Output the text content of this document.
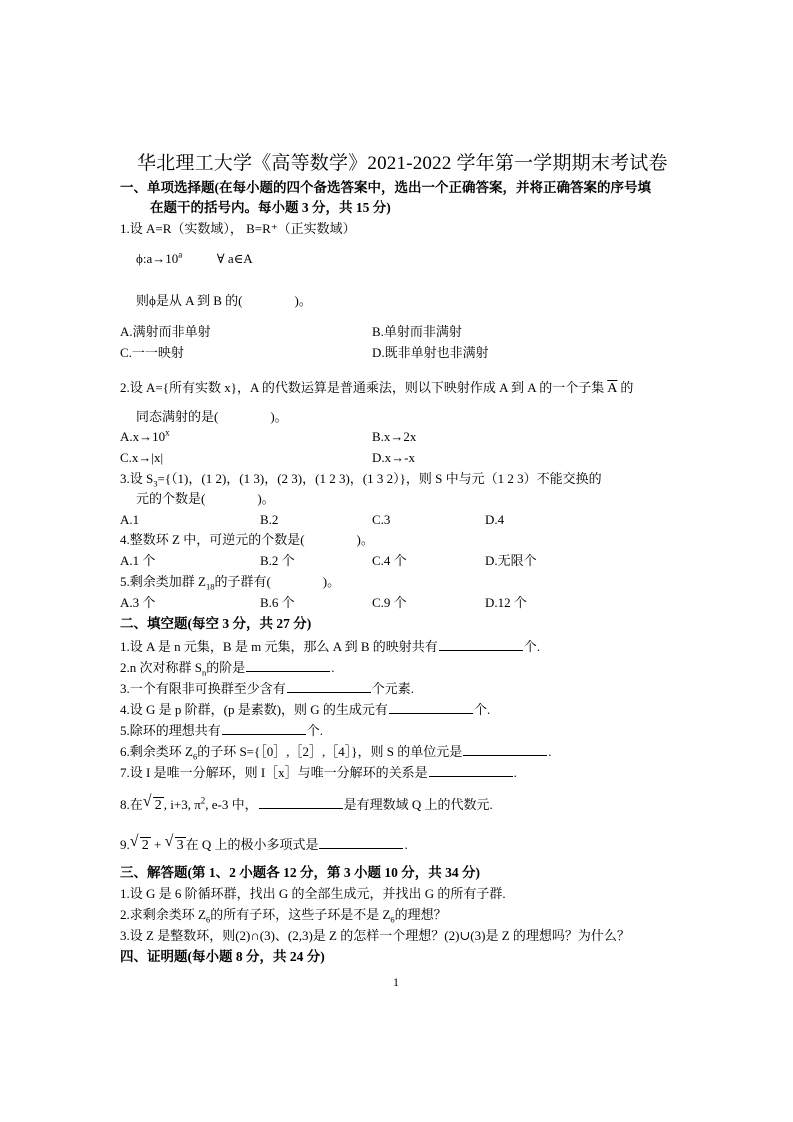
华北理工大学《高等数学》2021-2022 学年第一学期期末考试卷
一、单项选择题(在每小题的四个备选答案中，选出一个正确答案，并将正确答案的序号填
在题干的括号内。每小题 3 分，共 15 分)
1.设 A=R（实数域）， B=R⁺（正实数域）
$\phi:a\to 10^a$	∀ a∈A
则ϕ是从 A 到 B 的(	)。
A.满射而非单射	B.单射而非满射
C.一一映射	D.既非单射也非满射
2.设 A={所有实数 x}，A 的代数运算是普通乘法，则以下映射作成 A 到 A 的一个子集 $\overline{A}$ 的
同态满射的是(	)。
$A.x\to 10^x$	B.x→2x
C.x→|x|	D.x→-x
3.设 $S_3=\{(1)$，(1 2)，(1 3)，(2 3)，(1 2 3)，(1 3 2）}，则 S 中与元（1 2 3）不能交换的
元的个数是(	)。
A.1	B.2	C.3	D.4
4.整数环 Z 中，可逆元的个数是(	)。
A.1 个	B.2 个	C.4 个	D.无限个
5.剩余类加群 $Z_{18}$的子群有(	)。
A.3 个	B.6 个	C.9 个	D.12 个
二、填空题(每空 3 分，共 27 分)
1.设 A 是 n 元集，B 是 m 元集，那么 A 到 B 的映射共有	个.
2.n 次对称群 $S_n$的阶是	.
3.一个有限非可换群至少含有	个元素.
4.设 G 是 p 阶群，(p 是素数)，则 G 的生成元有	个.
5.除环的理想共有	个.
6.剩余类环 $Z_6$的子环 S={［0］,［2］,［4］}，则 S 的单位元是	.
7.设 I 是唯一分解环，则 I［x］与唯一分解环的关系是	.
8.在 √ 2 , i+3, $\pi^2$, e-3 中，	是有理数域 Q 上的代数元.
9. √ 2 + √ 3 在 Q 上的极小多项式是	.
三、解答题(第 1、2 小题各 12 分，第 3 小题 10 分，共 34 分)
1.设 G 是 6 阶循环群，找出 G 的全部生成元，并找出 G 的所有子群.
2.求剩余类环 $Z_6$的所有子环，这些子环是不是 $Z_6$的理想？
3.设 Z 是整数环，则(2)∩(3)、(2,3)是 Z 的怎样一个理想？(2)∪(3)是 Z 的理想吗？为什么？
四、证明题(每小题 8 分，共 24 分)
1
